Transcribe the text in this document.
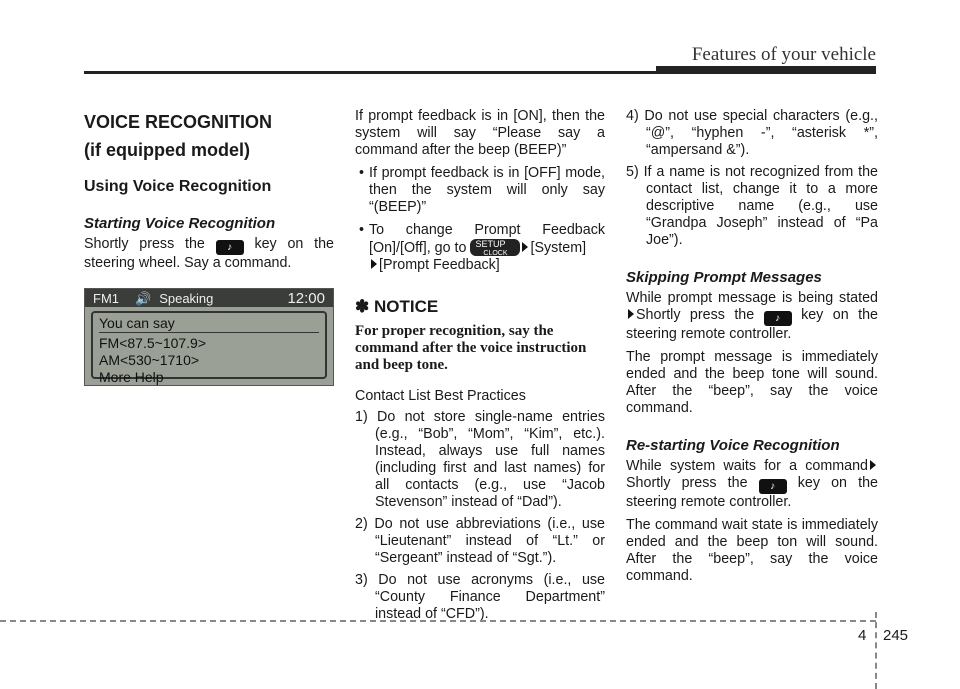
Features of your vehicle
VOICE RECOGNITION
(if equipped model)
Using Voice Recognition
Starting Voice Recognition

Shortly press the ♪ key on the steering wheel. Say a command.

FM1	🔊 Speaking	12:00
You can say
FM<87.5~107.9>
AM<530~1710>
More Help

If prompt feedback is in [ON], then the system will say “Please say a command after the beep (BEEP)”

• If prompt feedback is in [OFF] mode, then the system will only say “(BEEP)”

• To change Prompt Feedback [On]/[Off], go to SETUP
CLOCK [System]
[Prompt Feedback]

✽ NOTICE
For proper recognition, say the command after the voice instruction and beep tone.

Contact List Best Practices

1) Do not store single-name entries (e.g., “Bob”, “Mom”, “Kim”, etc.). Instead, always use full names (including first and last names) for all contacts (e.g., use “Jacob Stevenson” instead of “Dad”).

2) Do not use abbreviations (i.e., use “Lieutenant” instead of “Lt.” or “Sergeant” instead of “Sgt.”).

3) Do not use acronyms (i.e., use “County Finance Department” instead of “CFD”).

4) Do not use special characters (e.g., “@”, “hyphen -”, “asterisk *”, “ampersand &”).

5) If a name is not recognized from the contact list, change it to a more descriptive name (e.g., use “Grandpa Joseph” instead of “Pa Joe”).

Skipping Prompt Messages

While prompt message is being statedShortly press the ♪ key on the steering remote controller.

The prompt message is immediately ended and the beep tone will sound. After the “beep”, say the voice command.

Re-starting Voice Recognition

While system waits for a command Shortly press the ♪ key on the steering remote controller.

The command wait state is immediately ended and the beep ton will sound. After the “beep”, say the voice command.

4 245
